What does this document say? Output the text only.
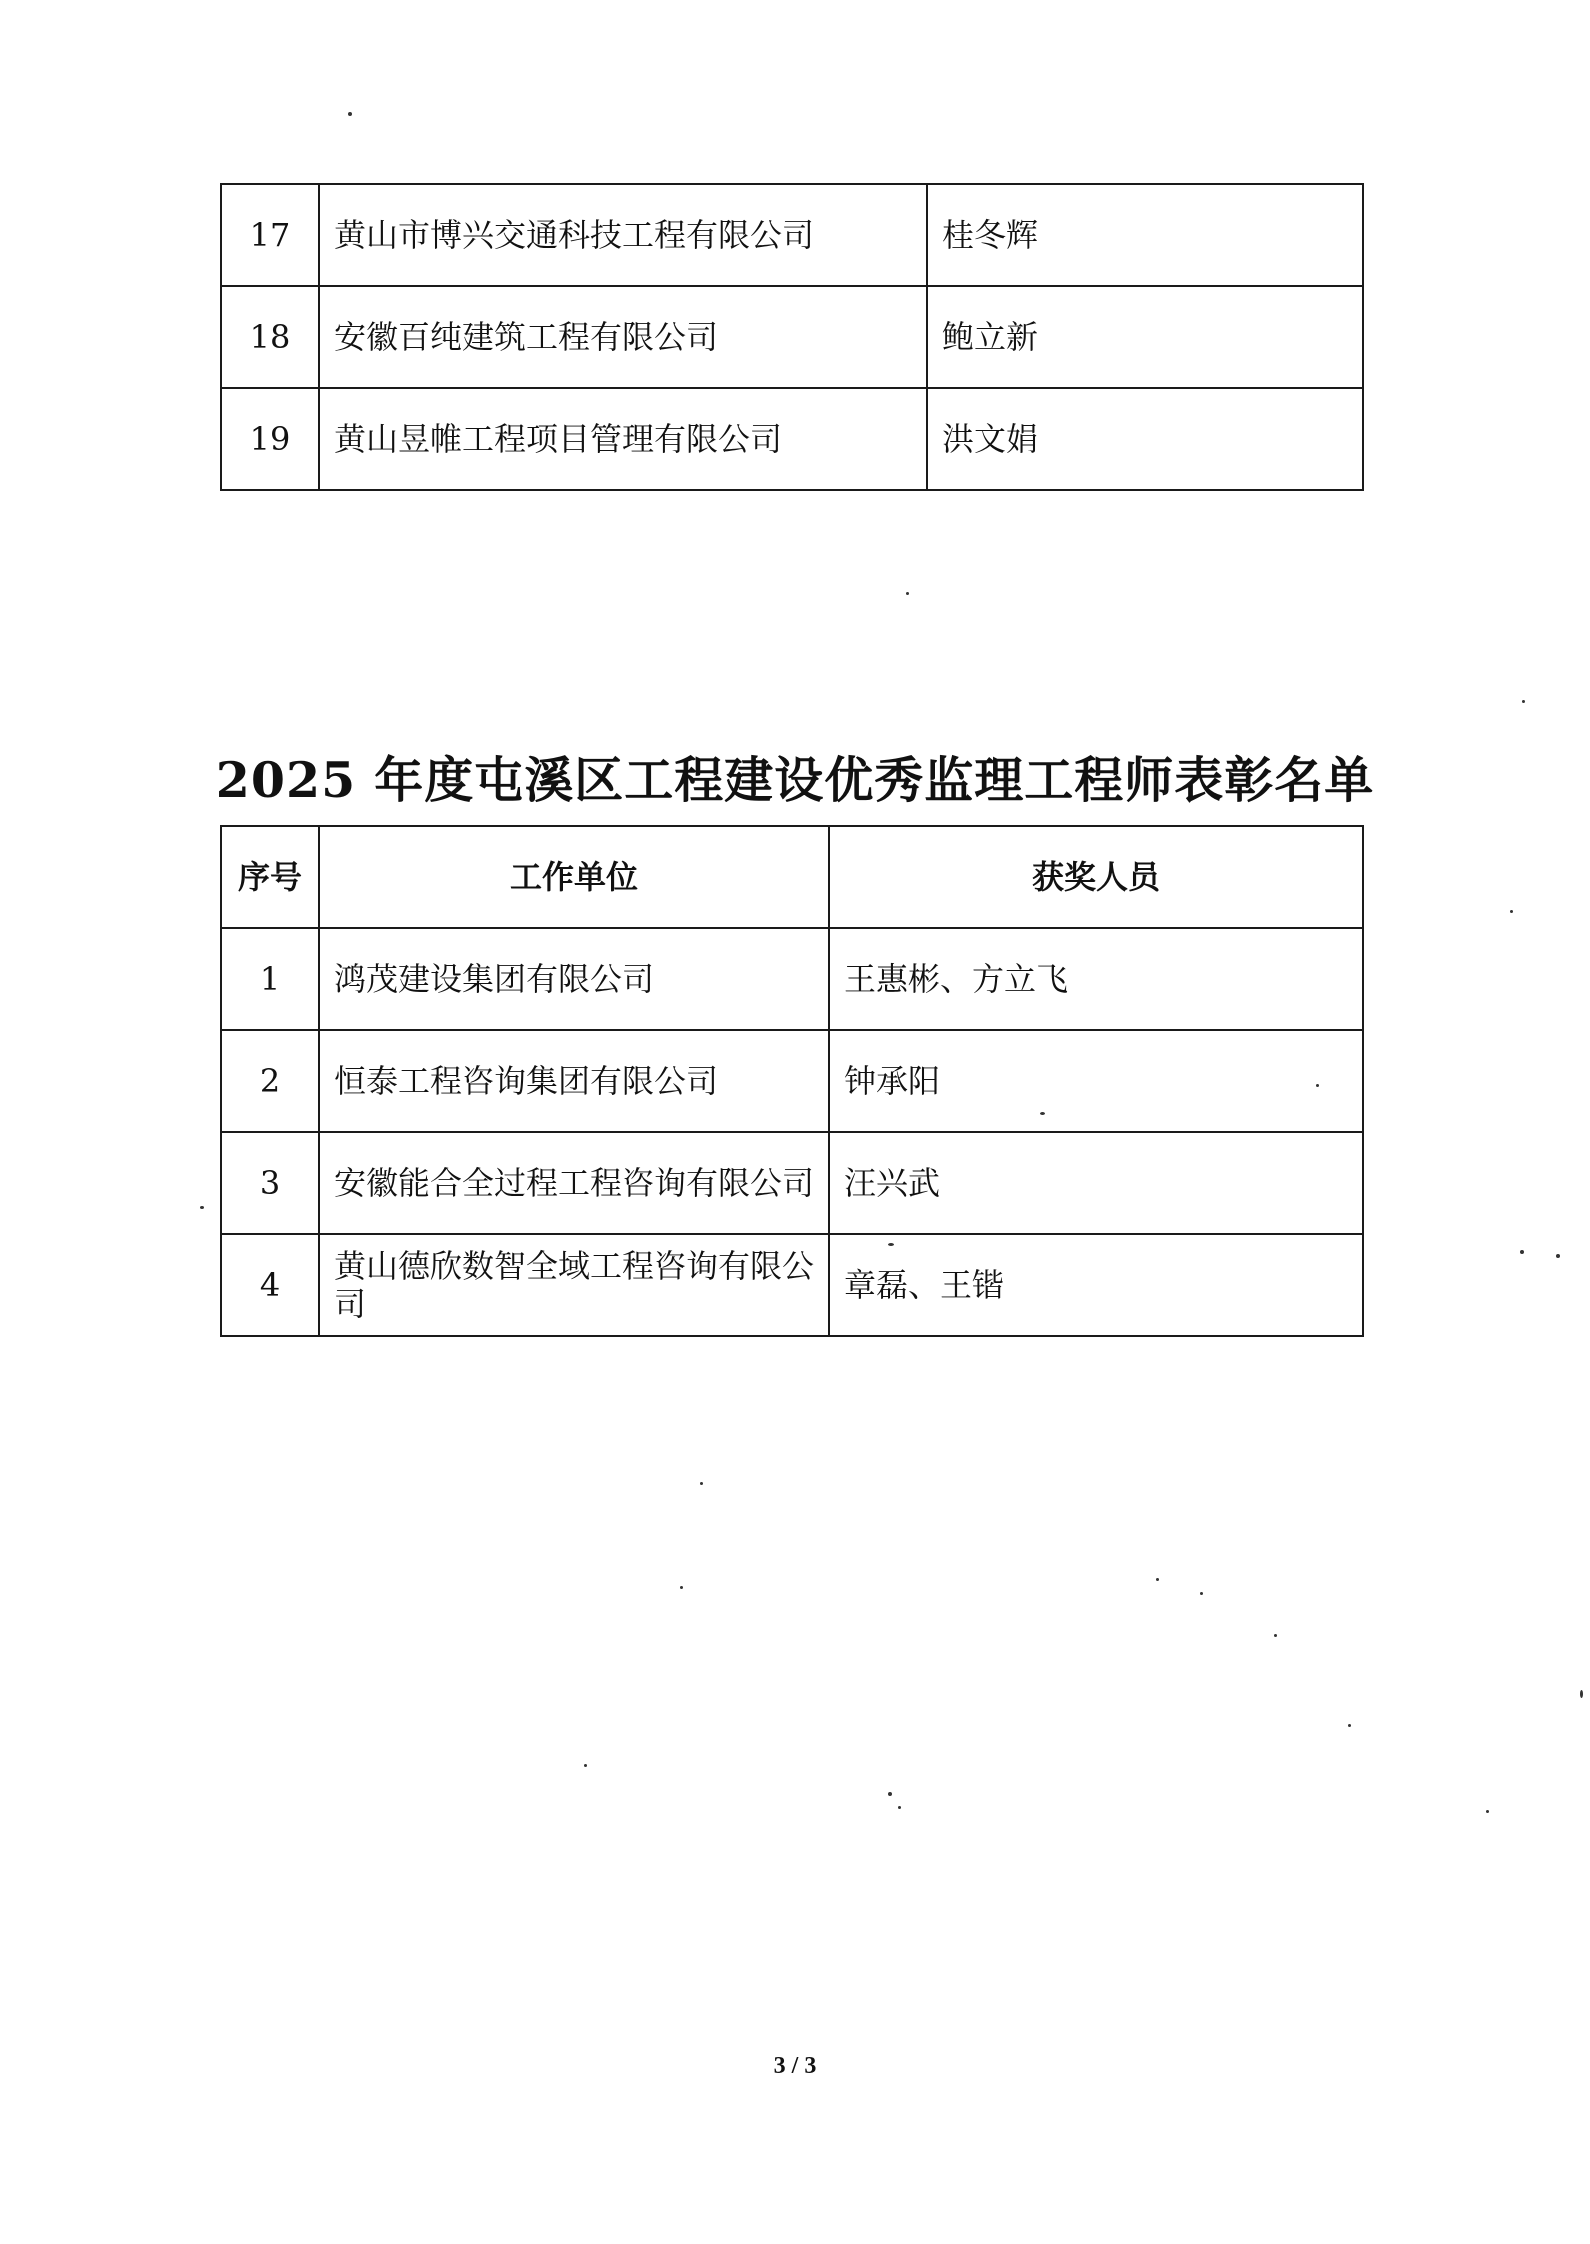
17	黄山市博兴交通科技工程有限公司	桂冬辉
18	安徽百纯建筑工程有限公司	鲍立新
19	黄山昱帷工程项目管理有限公司	洪文娟
2025 年度屯溪区工程建设优秀监理工程师表彰名单
序号	工作单位	获奖人员
1	鸿茂建设集团有限公司	王惠彬、方立飞
2	恒泰工程咨询集团有限公司	钟承阳
3	安徽能合全过程工程咨询有限公司	汪兴武
4	黄山德欣数智全域工程咨询有限公司	章磊、王锴
3 / 3
